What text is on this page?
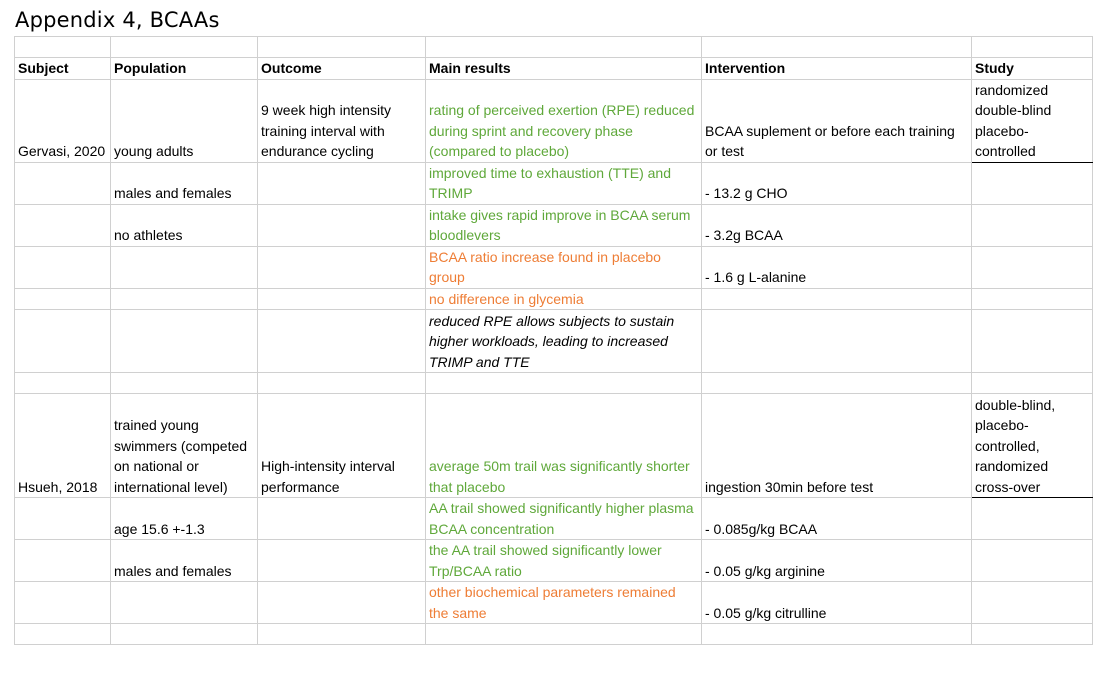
Appendix 4, BCAAs

Subject	Population	Outcome	Main results	Intervention	Study
Gervasi, 2020	young adults	9 week high intensity training interval with endurance cycling	rating of perceived exertion (RPE) reduced during sprint and recovery phase (compared to placebo)	BCAA suplement or before each training or test	randomized double-blind placebo-controlled
	males and females		improved time to exhaustion (TTE) and TRIMP	- 13.2 g CHO	
	no athletes		intake gives rapid improve in BCAA serum bloodlevers	- 3.2g BCAA	
			BCAA ratio increase found in placebo group	- 1.6 g L-alanine	
			no difference in glycemia		
			reduced RPE allows subjects to sustain higher workloads, leading to increased TRIMP and TTE		

Hsueh, 2018	trained young swimmers (competed on national or international level)	High-intensity interval performance	average 50m trail was significantly shorter that placebo	ingestion 30min before test	double-blind, placebo-controlled, randomized cross-over
	age 15.6 +-1.3		AA trail showed significantly higher plasma BCAA concentration	- 0.085g/kg BCAA	
	males and females		the AA trail showed significantly lower Trp/BCAA ratio	- 0.05 g/kg arginine	
			other biochemical parameters remained the same	- 0.05 g/kg citrulline	
